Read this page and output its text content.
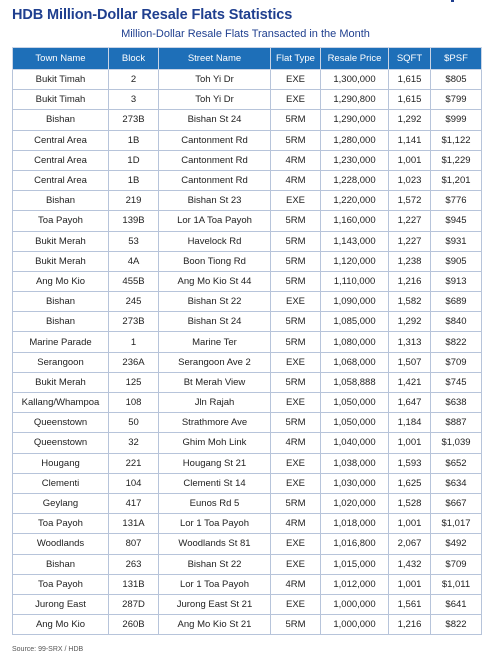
HDB Million-Dollar Resale Flats Statistics
Million-Dollar Resale Flats Transacted in the Month
Town Name	Block	Street Name	Flat Type	Resale Price	SQFT	$PSF
Bukit Timah	2	Toh Yi Dr	EXE	1,300,000	1,615	$805
Bukit Timah	3	Toh Yi Dr	EXE	1,290,800	1,615	$799
Bishan	273B	Bishan St 24	5RM	1,290,000	1,292	$999
Central Area	1B	Cantonment Rd	5RM	1,280,000	1,141	$1,122
Central Area	1D	Cantonment Rd	4RM	1,230,000	1,001	$1,229
Central Area	1B	Cantonment Rd	4RM	1,228,000	1,023	$1,201
Bishan	219	Bishan St 23	EXE	1,220,000	1,572	$776
Toa Payoh	139B	Lor 1A Toa Payoh	5RM	1,160,000	1,227	$945
Bukit Merah	53	Havelock Rd	5RM	1,143,000	1,227	$931
Bukit Merah	4A	Boon Tiong Rd	5RM	1,120,000	1,238	$905
Ang Mo Kio	455B	Ang Mo Kio St 44	5RM	1,110,000	1,216	$913
Bishan	245	Bishan St 22	EXE	1,090,000	1,582	$689
Bishan	273B	Bishan St 24	5RM	1,085,000	1,292	$840
Marine Parade	1	Marine Ter	5RM	1,080,000	1,313	$822
Serangoon	236A	Serangoon Ave 2	EXE	1,068,000	1,507	$709
Bukit Merah	125	Bt Merah View	5RM	1,058,888	1,421	$745
Kallang/Whampoa	108	Jln Rajah	EXE	1,050,000	1,647	$638
Queenstown	50	Strathmore Ave	5RM	1,050,000	1,184	$887
Queenstown	32	Ghim Moh Link	4RM	1,040,000	1,001	$1,039
Hougang	221	Hougang St 21	EXE	1,038,000	1,593	$652
Clementi	104	Clementi St 14	EXE	1,030,000	1,625	$634
Geylang	417	Eunos Rd 5	5RM	1,020,000	1,528	$667
Toa Payoh	131A	Lor 1 Toa Payoh	4RM	1,018,000	1,001	$1,017
Woodlands	807	Woodlands St 81	EXE	1,016,800	2,067	$492
Bishan	263	Bishan St 22	EXE	1,015,000	1,432	$709
Toa Payoh	131B	Lor 1 Toa Payoh	4RM	1,012,000	1,001	$1,011
Jurong East	287D	Jurong East St 21	EXE	1,000,000	1,561	$641
Ang Mo Kio	260B	Ang Mo Kio St 21	5RM	1,000,000	1,216	$822
Source: 99-SRX / HDB
